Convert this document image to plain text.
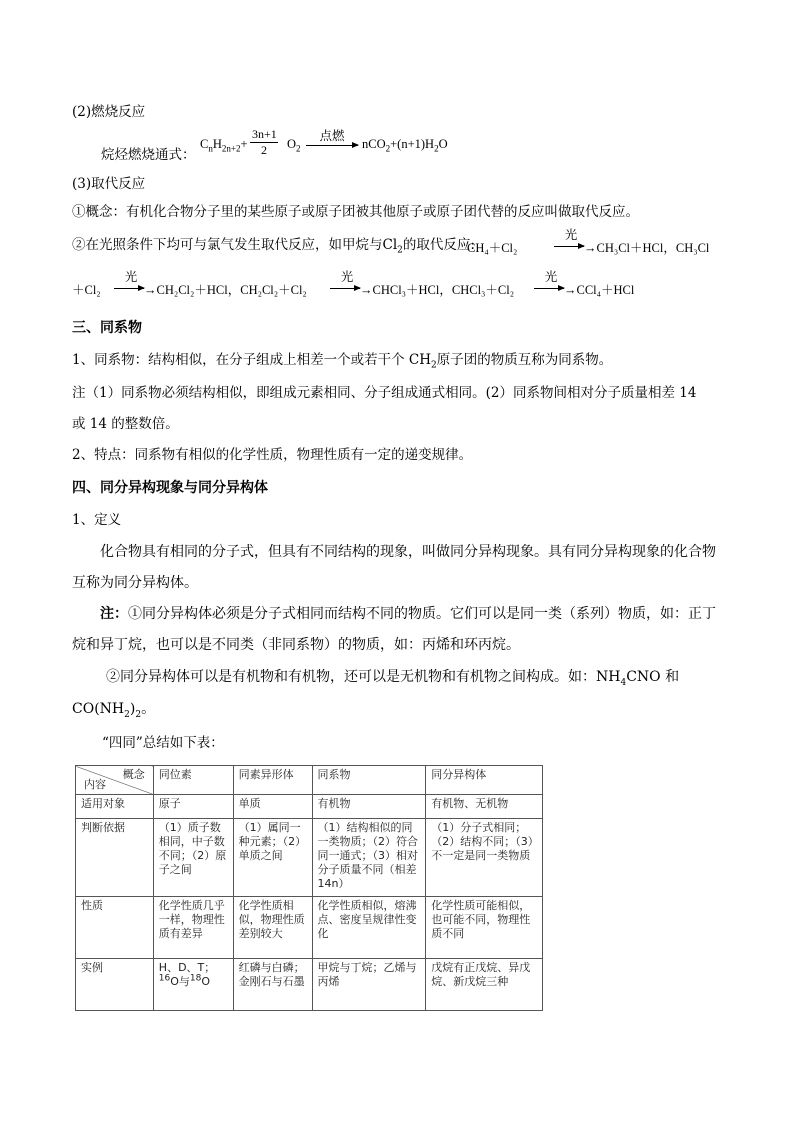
(2)燃烧反应
烷烃燃烧通式：
$C_nH_{2n+2}+ \frac{3n+1}{2} O_2$
点燃
$nCO_2+(n+1)H_2O$
(3)取代反应
①概念：有机化合物分子里的某些原子或原子团被其他原子或原子团代替的反应叫做取代反应。
②在光照条件下均可与氯气发生取代反应，如甲烷与$Cl_2$的取代反应:
CH₄＋Cl₂
光
→CH₃Cl＋HCl，CH₃Cl
＋Cl₂
光
→CH₂Cl₂＋HCl，CH₂Cl₂＋Cl₂
光
→CHCl₃＋HCl，CHCl₃＋Cl₂
光
→CCl₄＋HCl
三、同系物
1、同系物：结构相似，在分子组成上相差一个或若干个 $CH_2$原子团的物质互称为同系物。
注（1）同系物必须结构相似，即组成元素相同、分子组成通式相同。(2）同系物间相对分子质量相差 14
或 14 的整数倍。
2、特点：同系物有相似的化学性质，物理性质有一定的递变规律。
四、同分异构现象与同分异构体
1、定义
化合物具有相同的分子式，但具有不同结构的现象，叫做同分异构现象。具有同分异构现象的化合物
互称为同分异构体。
注：①同分异构体必须是分子式相同而结构不同的物质。它们可以是同一类（系列）物质，如：正丁
烷和异丁烷，也可以是不同类（非同系物）的物质，如：丙烯和环丙烷。
②同分异构体可以是有机物和有机物，还可以是无机物和有机物之间构成。如：$NH_4CNO$ 和
$CO(NH_2)_2$。
“四同”总结如下表：
概念
内容	同位素	同素异形体	同系物	同分异构体
适用对象	原子	单质	有机物	有机物、无机物
判断依据	（1）质子数相同，中子数不同；（2）原子之间	（1）属同一种元素；（2）单质之间	（1）结构相似的同一类物质；（2）符合同一通式；（3）相对分子质量不同（相差14n）	（1）分子式相同；（2）结构不同；（3）不一定是同一类物质
性质	化学性质几乎一样，物理性质有差异	化学性质相似，物理性质差别较大	化学性质相似，熔沸点、密度呈规律性变化	化学性质可能相似，也可能不同，物理性质不同
实例	H、D、T；
$^{16}$O与$^{18}$O	红磷与白磷；金刚石与石墨	甲烷与丁烷；乙烯与丙烯	戊烷有正戊烷、异戊烷、新戊烷三种
